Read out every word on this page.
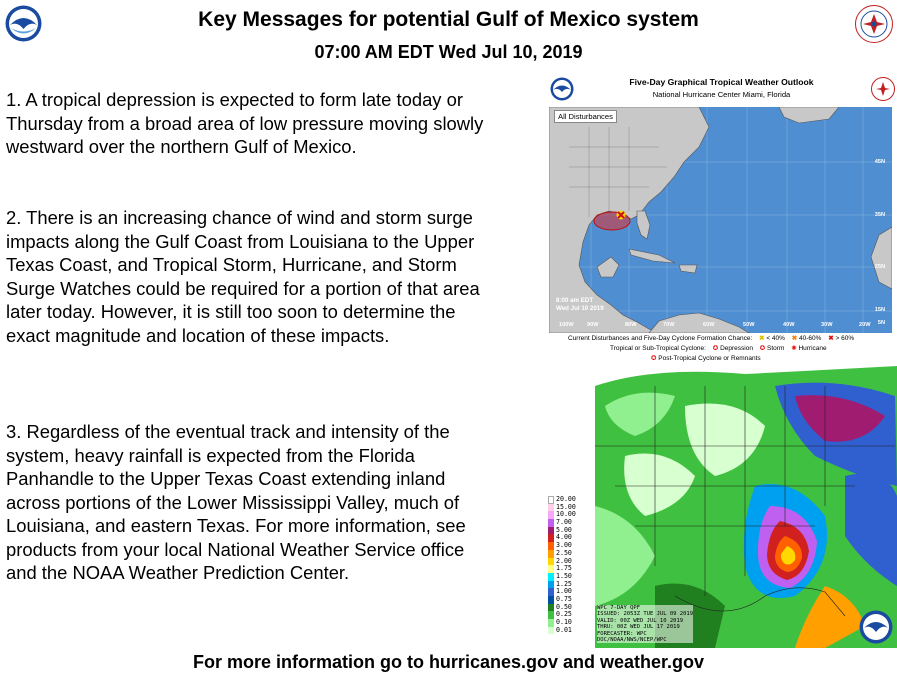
Key Messages for potential Gulf of Mexico system
07:00 AM EDT Wed Jul 10, 2019
1. A tropical depression is expected to form late today or Thursday from a broad area of low pressure moving slowly westward over the northern Gulf of Mexico.
2. There is an increasing chance of wind and storm surge impacts along the Gulf Coast from Louisiana to the Upper Texas Coast, and Tropical Storm, Hurricane, and Storm Surge Watches could be required for a portion of that area later today. However, it is still too soon to determine the exact magnitude and location of these impacts.
3. Regardless of the eventual track and intensity of the system, heavy rainfall is expected from the Florida Panhandle to the Upper Texas Coast extending inland across portions of the Lower Mississippi Valley, much of Louisiana, and eastern Texas. For more information, see products from your local National Weather Service office and the NOAA Weather Prediction Center.
Five-Day Graphical Tropical Weather Outlook
National Hurricane Center Miami, Florida
All Disturbances
8:00 am EDT
Wed Jul 10 2019
45N
35N
25N
15N
5N
100W 90W	80W	70W	60W	50W	40W	30W	20W
Current Disturbances and Five-Day Cyclone Formation Chance: ✖ < 40% ✖ 40-60% ✖ > 60%
Tropical or Sub-Tropical Cyclone: ✪ Depression ✪ Storm ✺ Hurricane
✪ Post-Tropical Cyclone or Remnants
20.00
15.00
10.00
7.00
5.00
4.00
3.00
2.50
2.00
1.75
1.50
1.25
1.00
0.75
0.50
0.25
0.10
0.01
WPC 7-DAY QPF
ISSUED: 2053Z TUE JUL 09 2019
VALID: 00Z WED JUL 10 2019
THRU: 00Z WED JUL 17 2019
FORECASTER: WPC
DOC/NOAA/NWS/NCEP/WPC
For more information go to hurricanes.gov and weather.gov
